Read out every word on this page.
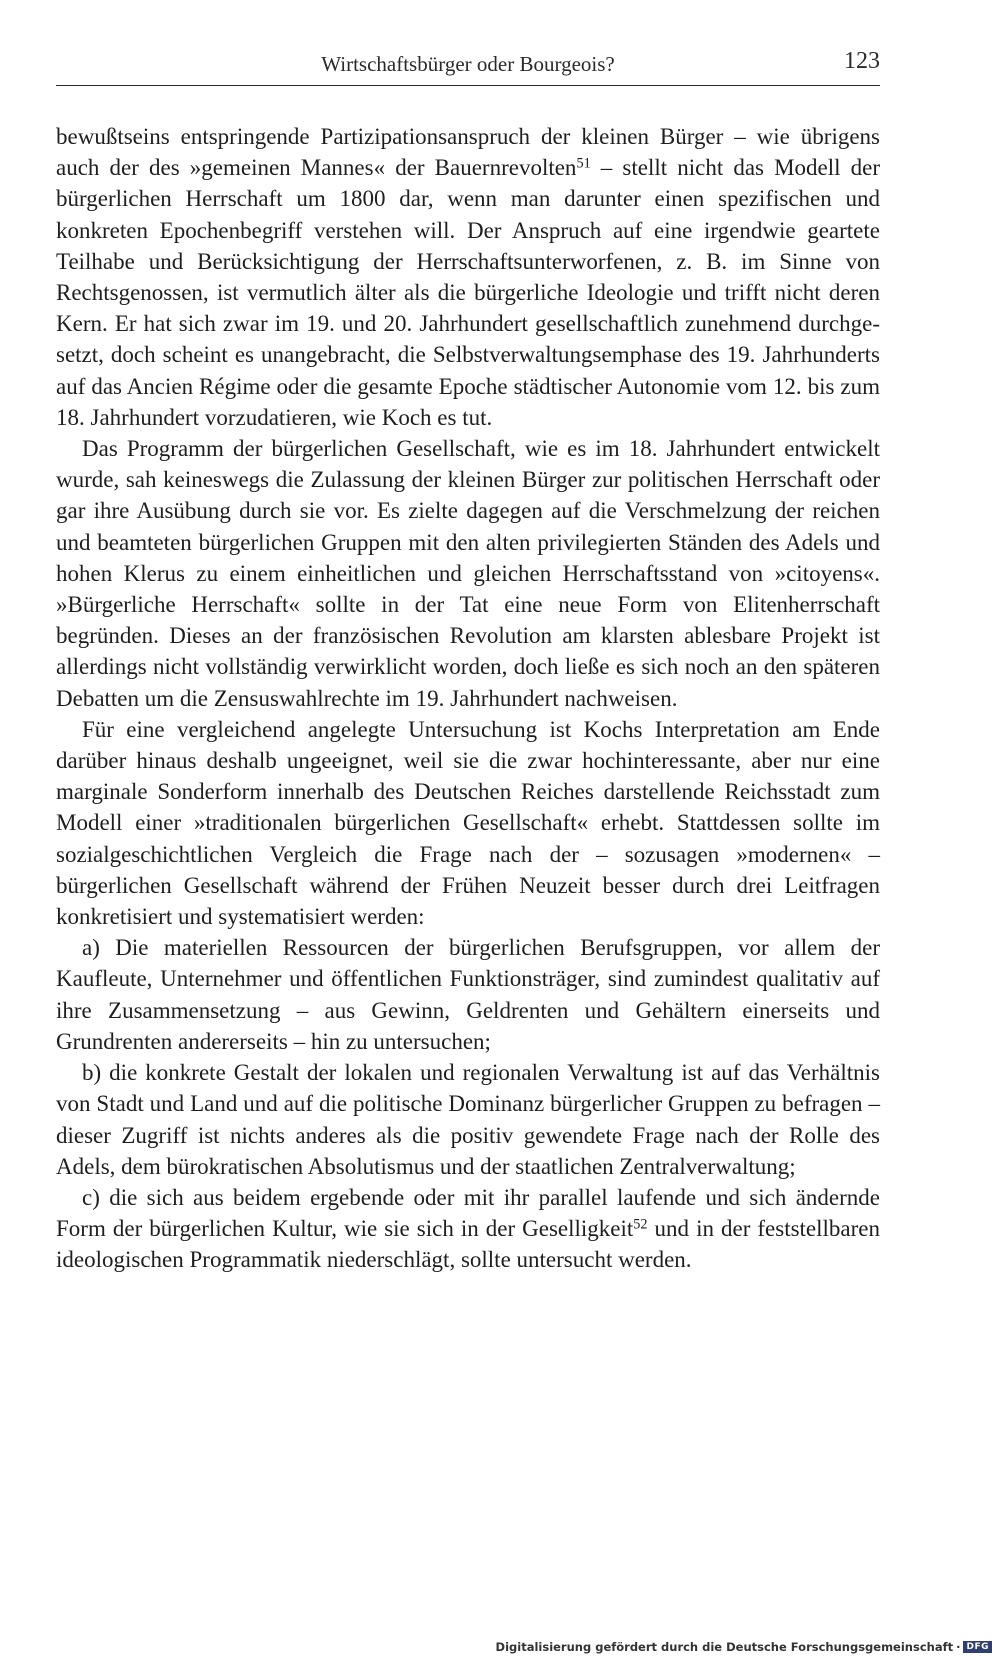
Wirtschaftsbürger oder Bourgeois?	123

bewußtseins entspringende Partizipationsanspruch der kleinen Bürger – wie übrigens auch der des »gemeinen Mannes« der Bauernrevolten$^{51}$ – stellt nicht das Modell der bürgerlichen Herrschaft um 1800 dar, wenn man darunter einen spezifischen und konkreten Epochenbegriff verstehen will. Der Anspruch auf eine irgendwie geartete Teilhabe und Berücksichtigung der Herrschaftsunterworfenen, z. B. im Sinne von Rechtsgenossen, ist vermutlich älter als die bürgerliche Ideologie und trifft nicht deren Kern. Er hat sich zwar im 19. und 20. Jahrhundert gesellschaftlich zunehmend durchgesetzt, doch scheint es unangebracht, die Selbstverwaltungsemphase des 19. Jahrhunderts auf das Ancien Régime oder die gesamte Epoche städtischer Autonomie vom 12. bis zum 18. Jahrhundert vorzudatieren, wie Koch es tut.

Das Programm der bürgerlichen Gesellschaft, wie es im 18. Jahrhundert entwickelt wurde, sah keineswegs die Zulassung der kleinen Bürger zur politischen Herrschaft oder gar ihre Ausübung durch sie vor. Es zielte dagegen auf die Verschmelzung der reichen und beamteten bürgerlichen Gruppen mit den alten privilegierten Ständen des Adels und hohen Klerus zu einem einheitlichen und gleichen Herrschaftsstand von »citoyens«. »Bürgerliche Herrschaft« sollte in der Tat eine neue Form von Elitenherrschaft begründen. Dieses an der französischen Revolution am klarsten ablesbare Projekt ist allerdings nicht vollständig verwirklicht worden, doch ließe es sich noch an den späteren Debatten um die Zensuswahlrechte im 19. Jahrhundert nachweisen.

Für eine vergleichend angelegte Untersuchung ist Kochs Interpretation am Ende darüber hinaus deshalb ungeeignet, weil sie die zwar hochinteressante, aber nur eine marginale Sonderform innerhalb des Deutschen Reiches darstellende Reichsstadt zum Modell einer »traditionalen bürgerlichen Gesellschaft« erhebt. Stattdessen sollte im sozialgeschichtlichen Vergleich die Frage nach der – sozusagen »modernen« – bürgerlichen Gesellschaft während der Frühen Neuzeit besser durch drei Leitfragen konkretisiert und systematisiert werden:

a) Die materiellen Ressourcen der bürgerlichen Berufsgruppen, vor allem der Kaufleute, Unternehmer und öffentlichen Funktionsträger, sind zumindest qualitativ auf ihre Zusammensetzung – aus Gewinn, Geldrenten und Gehältern einerseits und Grundrenten andererseits – hin zu untersuchen;

b) die konkrete Gestalt der lokalen und regionalen Verwaltung ist auf das Verhältnis von Stadt und Land und auf die politische Dominanz bürgerlicher Gruppen zu befragen – dieser Zugriff ist nichts anderes als die positiv gewendete Frage nach der Rolle des Adels, dem bürokratischen Absolutismus und der staatlichen Zentralverwaltung;

c) die sich aus beidem ergebende oder mit ihr parallel laufende und sich ändernde Form der bürgerlichen Kultur, wie sie sich in der Geselligkeit$^{52}$ und in der feststellbaren ideologischen Programmatik niederschlägt, sollte untersucht werden.

Digitalisierung gefördert durch die Deutsche Forschungsgemeinschaft · DFG
